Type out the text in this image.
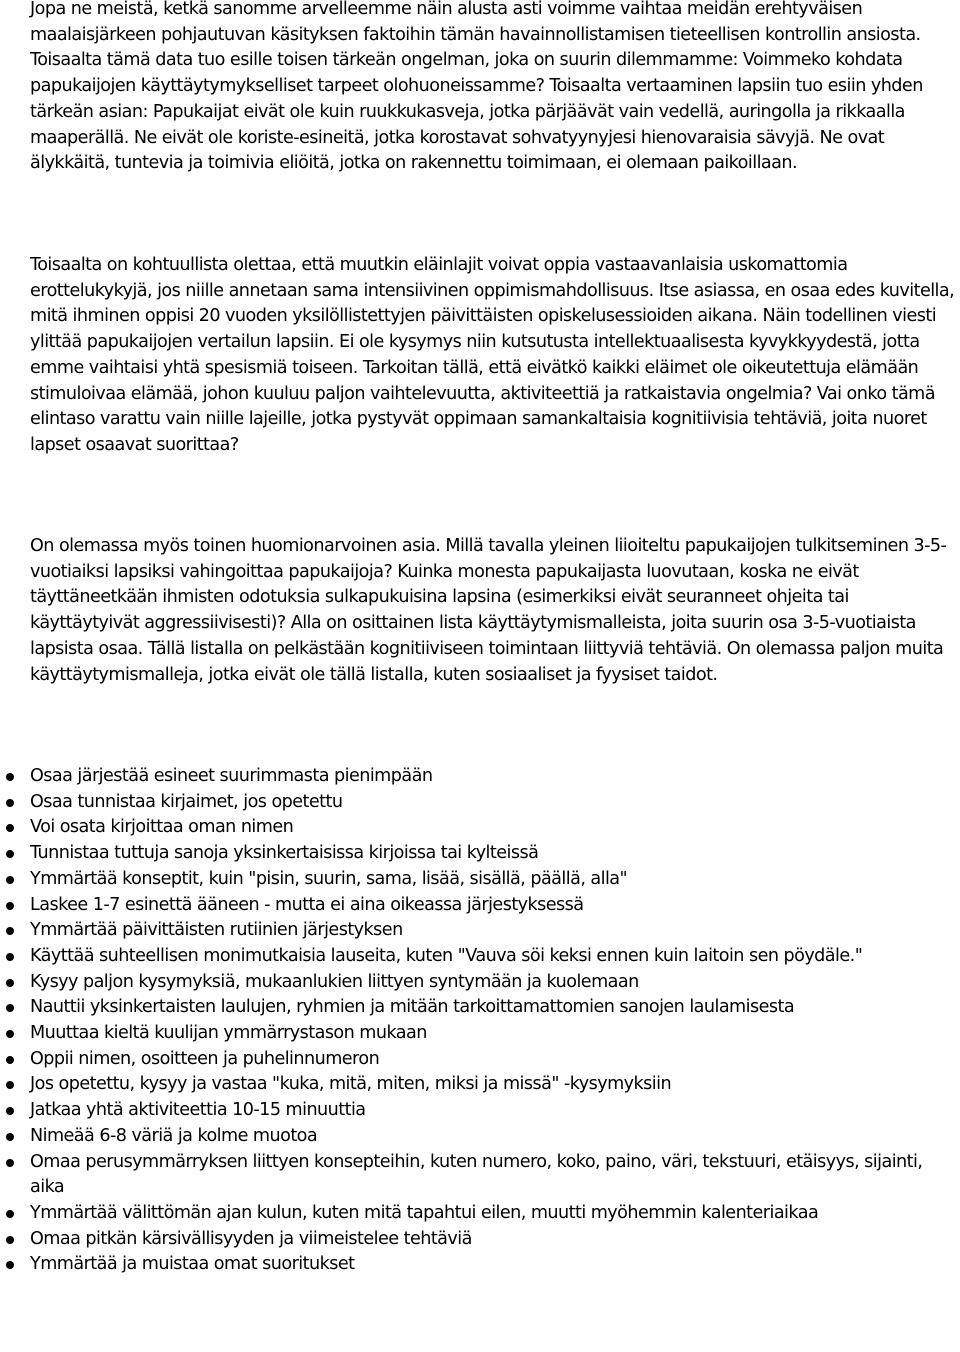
Jopa ne meistä, ketkä sanomme arvelleemme näin alusta asti voimme vaihtaa meidän erehtyväisen maalaisjärkeen pohjautuvan käsityksen faktoihin tämän havainnollistamisen tieteellisen kontrollin ansiosta. Toisaalta tämä data tuo esille toisen tärkeän ongelman, joka on suurin dilemmamme: Voimmeko kohdata papukaijojen käyttäytymykselliset tarpeet olohuoneissamme? Toisaalta vertaaminen lapsiin tuo esiin yhden tärkeän asian: Papukaijat eivät ole kuin ruukkukasveja, jotka pärjäävät vain vedellä, auringolla ja rikkaalla maaperällä. Ne eivät ole koriste-esineitä, jotka korostavat sohvatyynyjesi hienovaraisia sävyjä. Ne ovat älykkäitä, tuntevia ja toimivia eliöitä, jotka on rakennettu toimimaan, ei olemaan paikoillaan.

Toisaalta on kohtuullista olettaa, että muutkin eläinlajit voivat oppia vastaavanlaisia uskomattomia erottelukykyjä, jos niille annetaan sama intensiivinen oppimismahdollisuus. Itse asiassa, en osaa edes kuvitella, mitä ihminen oppisi 20 vuoden yksilöllistettyjen päivittäisten opiskelusessioiden aikana. Näin todellinen viesti ylittää papukaijojen vertailun lapsiin. Ei ole kysymys niin kutsutusta intellektuaalisesta kyvykkyydestä, jotta emme vaihtaisi yhtä spesismiä toiseen. Tarkoitan tällä, että eivätkö kaikki eläimet ole oikeutettuja elämään stimuloivaa elämää, johon kuuluu paljon vaihtelevuutta, aktiviteettiä ja ratkaistavia ongelmia? Vai onko tämä elintaso varattu vain niille lajeille, jotka pystyvät oppimaan samankaltaisia kognitiivisia tehtäviä, joita nuoret lapset osaavat suorittaa?

On olemassa myös toinen huomionarvoinen asia. Millä tavalla yleinen liioiteltu papukaijojen tulkitseminen 3-5-vuotiaiksi lapsiksi vahingoittaa papukaijoja? Kuinka monesta papukaijasta luovutaan, koska ne eivät täyttäneetkään ihmisten odotuksia sulkapukuisina lapsina (esimerkiksi eivät seuranneet ohjeita tai käyttäytyivät aggressiivisesti)? Alla on osittainen lista käyttäytymismalleista, joita suurin osa 3-5-vuotiaista lapsista osaa. Tällä listalla on pelkästään kognitiiviseen toimintaan liittyviä tehtäviä. On olemassa paljon muita käyttäytymismalleja, jotka eivät ole tällä listalla, kuten sosiaaliset ja fyysiset taidot.

Osaa järjestää esineet suurimmasta pienimpään
Osaa tunnistaa kirjaimet, jos opetettu
Voi osata kirjoittaa oman nimen
Tunnistaa tuttuja sanoja yksinkertaisissa kirjoissa tai kylteissä
Ymmärtää konseptit, kuin "pisin, suurin, sama, lisää, sisällä, päällä, alla"
Laskee 1-7 esinettä ääneen - mutta ei aina oikeassa järjestyksessä
Ymmärtää päivittäisten rutiinien järjestyksen
Käyttää suhteellisen monimutkaisia lauseita, kuten "Vauva söi keksi ennen kuin laitoin sen pöydäle."
Kysyy paljon kysymyksiä, mukaanlukien liittyen syntymään ja kuolemaan
Nauttii yksinkertaisten laulujen, ryhmien ja mitään tarkoittamattomien sanojen laulamisesta
Muuttaa kieltä kuulijan ymmärrystason mukaan
Oppii nimen, osoitteen ja puhelinnumeron
Jos opetettu, kysyy ja vastaa "kuka, mitä, miten, miksi ja missä" -kysymyksiin
Jatkaa yhtä aktiviteettia 10-15 minuuttia
Nimeää 6-8 väriä ja kolme muotoa
Omaa perusymmärryksen liittyen konsepteihin, kuten numero, koko, paino, väri, tekstuuri, etäisyys, sijainti, aika
Ymmärtää välittömän ajan kulun, kuten mitä tapahtui eilen, muutti myöhemmin kalenteriaikaa
Omaa pitkän kärsivällisyyden ja viimeistelee tehtäviä
Ymmärtää ja muistaa omat suoritukset
